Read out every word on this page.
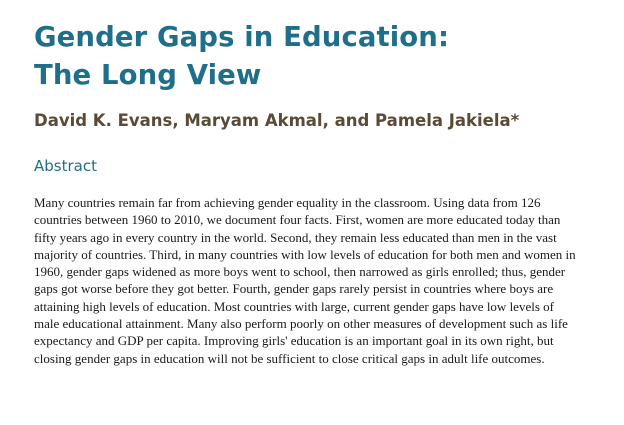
Gender Gaps in Education:
The Long View

David K. Evans, Maryam Akmal, and Pamela Jakiela*

Abstract

Many countries remain far from achieving gender equality in the classroom. Using data from 126 countries between 1960 to 2010, we document four facts. First, women are more educated today than fifty years ago in every country in the world. Second, they remain less educated than men in the vast majority of countries. Third, in many countries with low levels of education for both men and women in 1960, gender gaps widened as more boys went to school, then narrowed as girls enrolled; thus, gender gaps got worse before they got better. Fourth, gender gaps rarely persist in countries where boys are attaining high levels of education. Most countries with large, current gender gaps have low levels of male educational attainment. Many also perform poorly on other measures of development such as life expectancy and GDP per capita. Improving girls' education is an important goal in its own right, but closing gender gaps in education will not be sufficient to close critical gaps in adult life outcomes.
